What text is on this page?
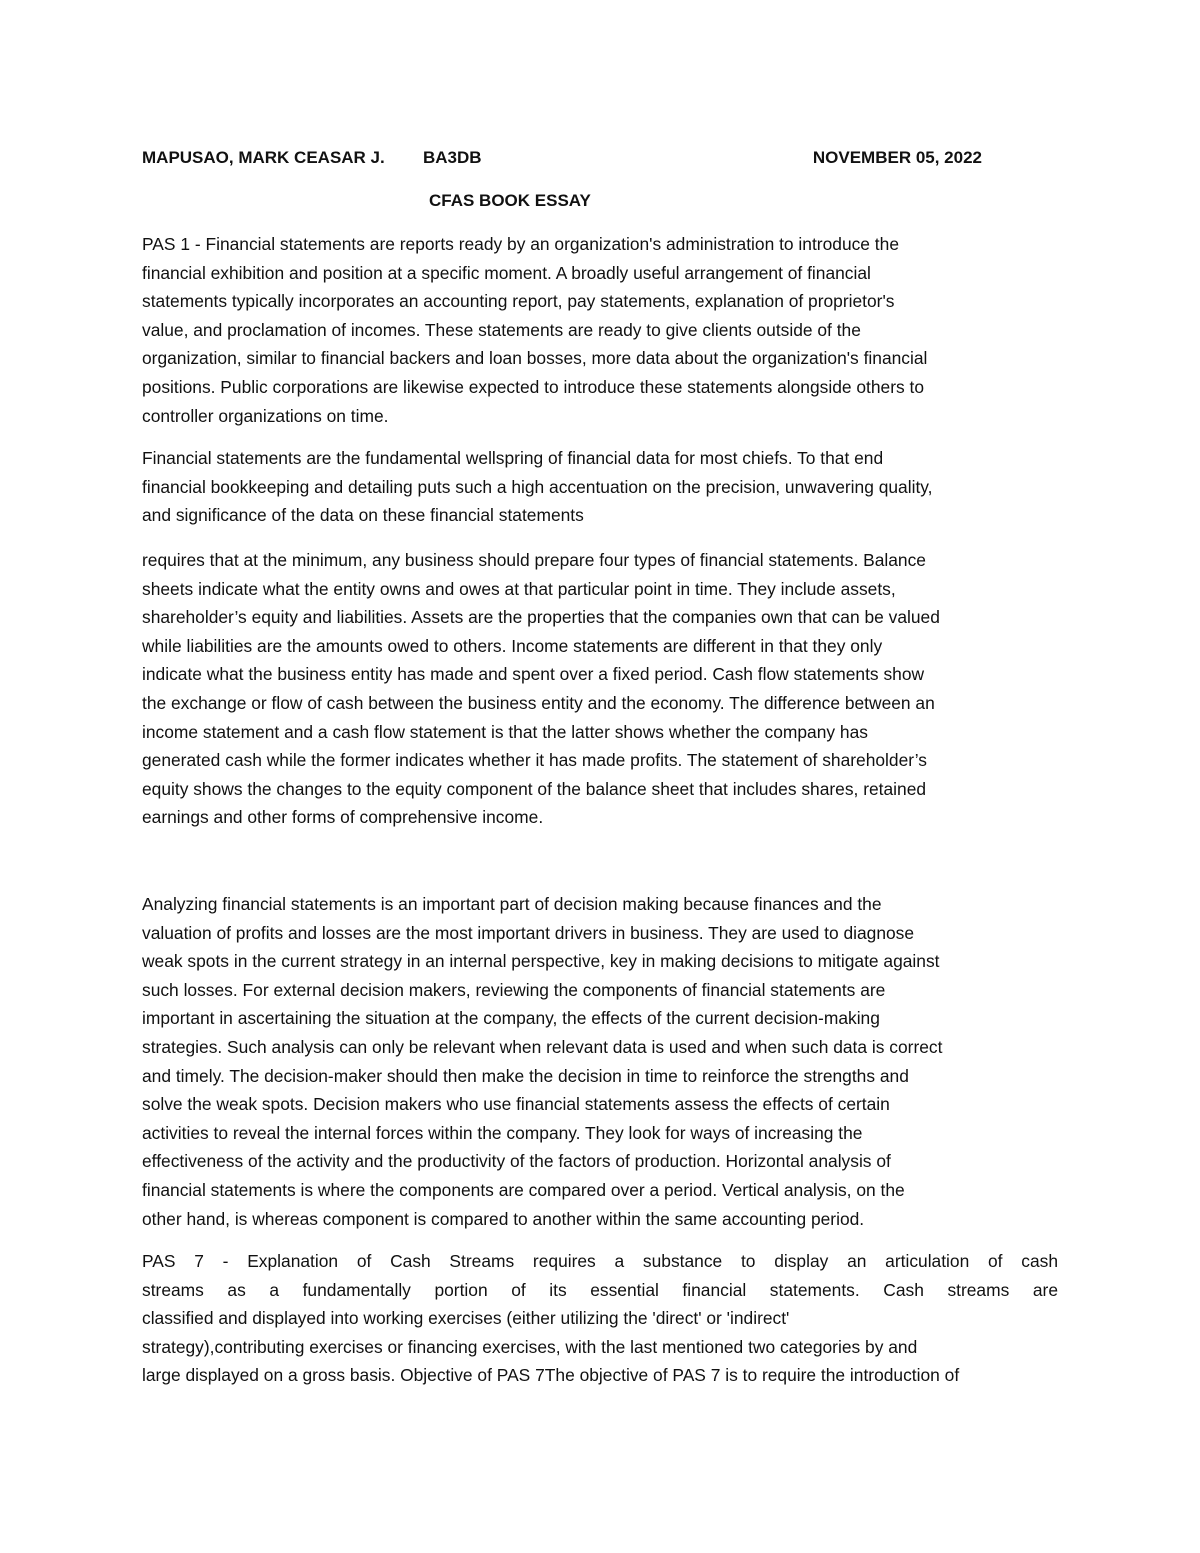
MAPUSAO, MARK CEASAR J. BA3DB	NOVEMBER 05, 2022
CFAS BOOK ESSAY
PAS 1 - Financial statements are reports ready by an organization's administration to introduce the
financial exhibition and position at a specific moment. A broadly useful arrangement of financial
statements typically incorporates an accounting report, pay statements, explanation of proprietor's
value, and proclamation of incomes. These statements are ready to give clients outside of the
organization, similar to financial backers and loan bosses, more data about the organization's financial
positions. Public corporations are likewise expected to introduce these statements alongside others to
controller organizations on time.
Financial statements are the fundamental wellspring of financial data for most chiefs. To that end
financial bookkeeping and detailing puts such a high accentuation on the precision, unwavering quality,
and significance of the data on these financial statements
requires that at the minimum, any business should prepare four types of financial statements. Balance
sheets indicate what the entity owns and owes at that particular point in time. They include assets,
shareholder’s equity and liabilities. Assets are the properties that the companies own that can be valued
while liabilities are the amounts owed to others. Income statements are different in that they only
indicate what the business entity has made and spent over a fixed period. Cash flow statements show
the exchange or flow of cash between the business entity and the economy. The difference between an
income statement and a cash flow statement is that the latter shows whether the company has
generated cash while the former indicates whether it has made profits. The statement of shareholder’s
equity shows the changes to the equity component of the balance sheet that includes shares, retained
earnings and other forms of comprehensive income.
Analyzing financial statements is an important part of decision making because finances and the
valuation of profits and losses are the most important drivers in business. They are used to diagnose
weak spots in the current strategy in an internal perspective, key in making decisions to mitigate against
such losses. For external decision makers, reviewing the components of financial statements are
important in ascertaining the situation at the company, the effects of the current decision-making
strategies. Such analysis can only be relevant when relevant data is used and when such data is correct
and timely. The decision-maker should then make the decision in time to reinforce the strengths and
solve the weak spots. Decision makers who use financial statements assess the effects of certain
activities to reveal the internal forces within the company. They look for ways of increasing the
effectiveness of the activity and the productivity of the factors of production. Horizontal analysis of
financial statements is where the components are compared over a period. Vertical analysis, on the
other hand, is whereas component is compared to another within the same accounting period.
PAS 7 - Explanation of Cash Streams requires a substance to display an articulation of cash
streams as a fundamentally portion of its essential financial statements. Cash streams are
classified and displayed into working exercises (either utilizing the 'direct' or 'indirect'
strategy),contributing exercises or financing exercises, with the last mentioned two categories by and
large displayed on a gross basis. Objective of PAS 7The objective of PAS 7 is to require the introduction of
